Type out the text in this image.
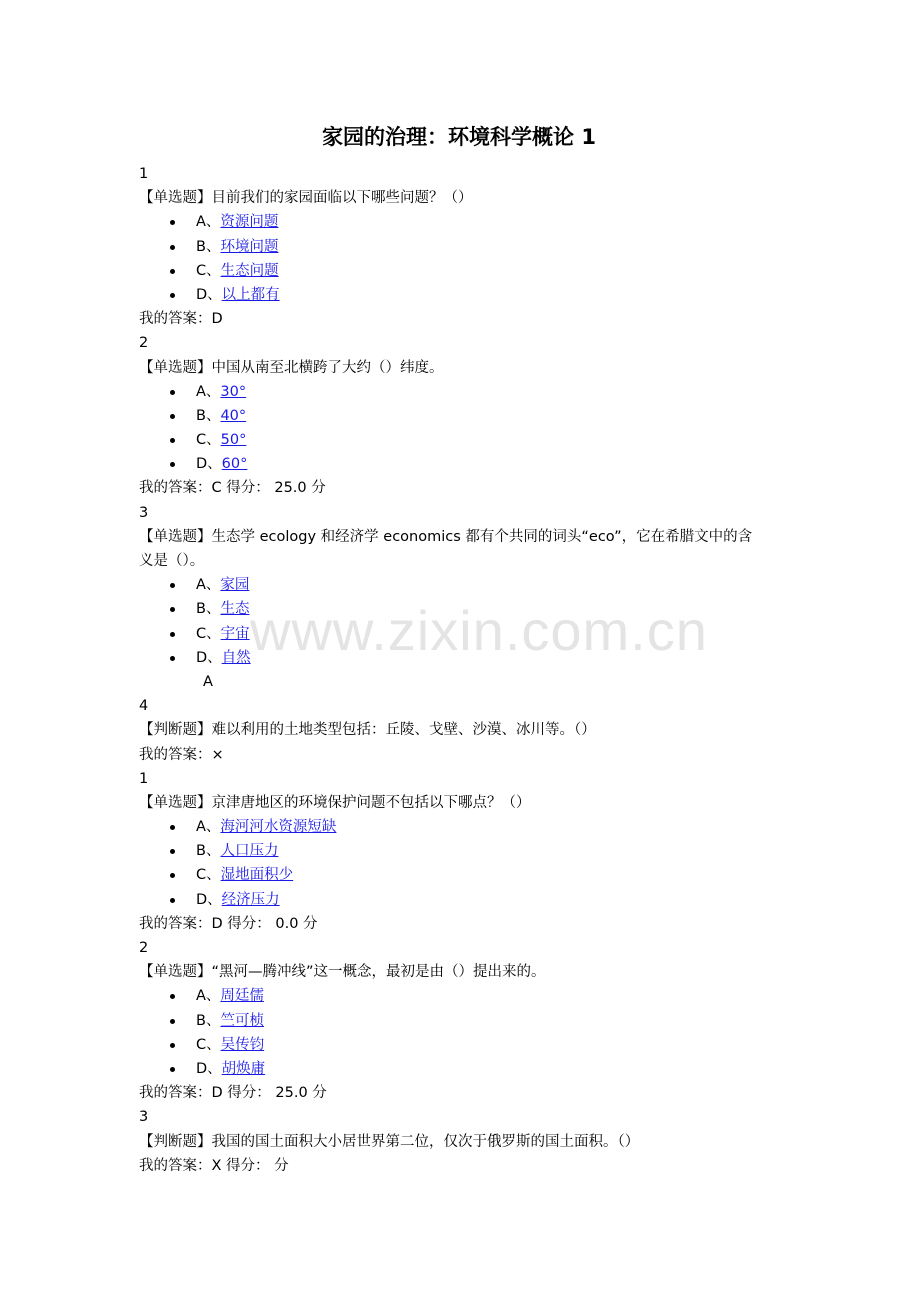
www.zixin.com.cn
家园的治理：环境科学概论 1
1
【单选题】目前我们的家园面临以下哪些问题？（）
A、资源问题
B、环境问题
C、生态问题
D、以上都有
我的答案：D
2
【单选题】中国从南至北横跨了大约（）纬度。
A、30°
B、40°
C、50°
D、60°
我的答案：C 得分： 25.0 分
3
【单选题】生态学 ecology 和经济学 economics 都有个共同的词头“eco”，它在希腊文中的含
义是（）。
A、家园
B、生态
C、宇宙
D、自然
A
4
【判断题】难以利用的土地类型包括：丘陵、戈壁、沙漠、冰川等。（）
我的答案：×
1
【单选题】京津唐地区的环境保护问题不包括以下哪点？（）
A、海河河水资源短缺
B、人口压力
C、湿地面积少
D、经济压力
我的答案：D 得分： 0.0 分
2
【单选题】“黑河—腾冲线”这一概念，最初是由（）提出来的。
A、周廷儒
B、竺可桢
C、吴传钧
D、胡焕庸
我的答案：D 得分： 25.0 分
3
【判断题】我国的国土面积大小居世界第二位，仅次于俄罗斯的国土面积。（）
我的答案：X 得分： 分
